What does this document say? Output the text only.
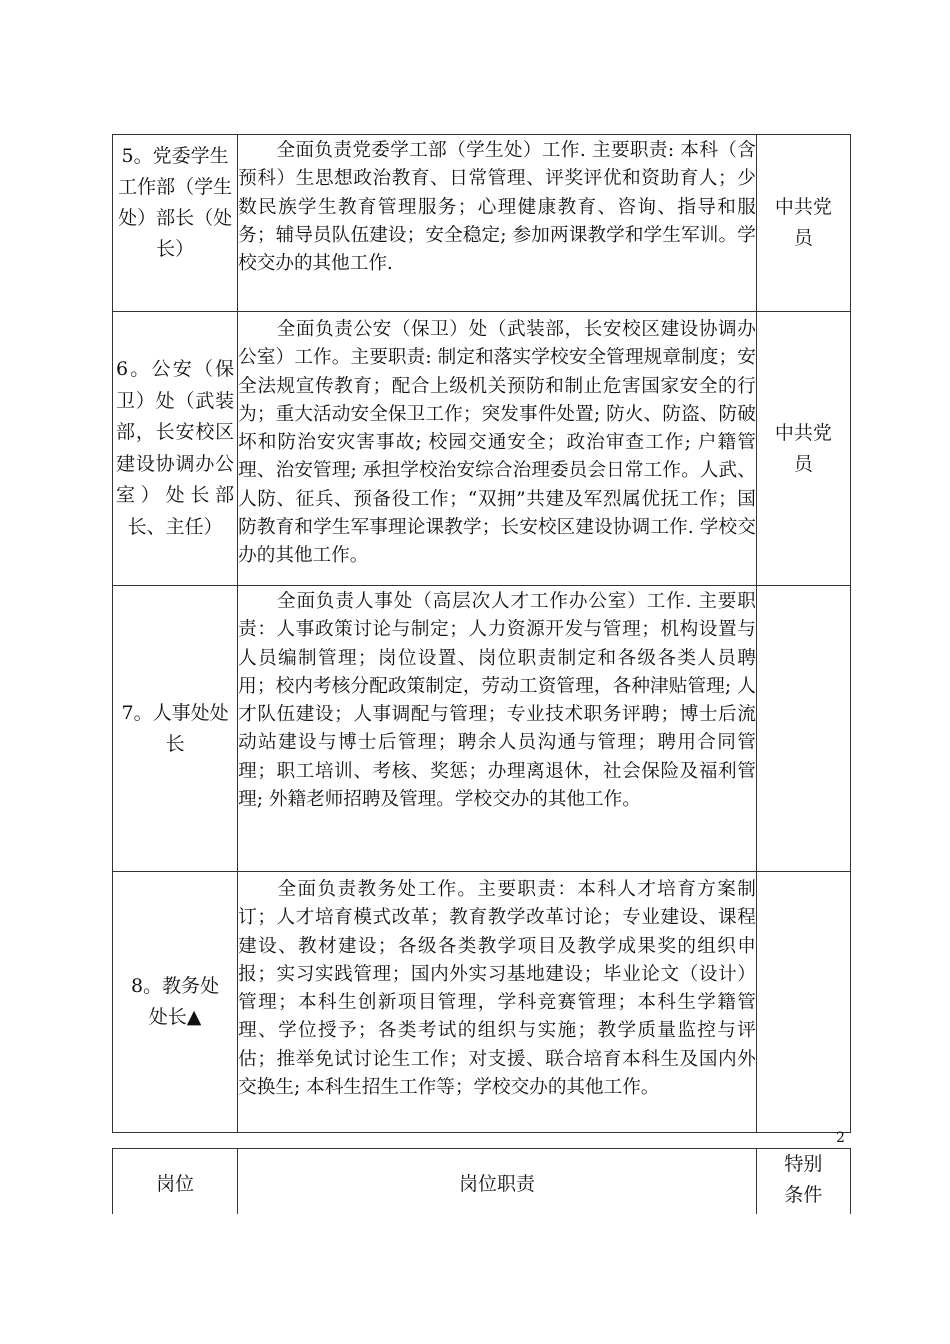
5。党委学生工作部（学生处）部长（处长）	全面负责党委学工部（学生处）工作. 主要职责: 本科（含预科）生思想政治教育、日常管理、评奖评优和资助育人；少数民族学生教育管理服务；心理健康教育、咨询、指导和服务；辅导员队伍建设；安全稳定; 参加两课教学和学生军训。学校交办的其他工作.	中共党员

6。公安（保卫）处（武装部，长安校区建设协调办公室）处长部长、主任）	全面负责公安（保卫）处（武装部，长安校区建设协调办公室）工作。主要职责: 制定和落实学校安全管理规章制度；安全法规宣传教育；配合上级机关预防和制止危害国家安全的行为；重大活动安全保卫工作；突发事件处置; 防火、防盗、防破坏和防治安灾害事故; 校园交通安全；政治审查工作; 户籍管理、治安管理; 承担学校治安综合治理委员会日常工作。人武、人防、征兵、预备役工作；“双拥”共建及军烈属优抚工作；国防教育和学生军事理论课教学；长安校区建设协调工作. 学校交办的其他工作。	中共党员

7。人事处处长	全面负责人事处（高层次人才工作办公室）工作. 主要职责：人事政策讨论与制定；人力资源开发与管理；机构设置与人员编制管理；岗位设置、岗位职责制定和各级各类人员聘用；校内考核分配政策制定，劳动工资管理，各种津贴管理; 人才队伍建设；人事调配与管理；专业技术职务评聘；博士后流动站建设与博士后管理；聘余人员沟通与管理；聘用合同管理；职工培训、考核、奖惩；办理离退休，社会保险及福利管理; 外籍老师招聘及管理。学校交办的其他工作。	

8。教务处处长▲	全面负责教务处工作。主要职责：本科人才培育方案制订；人才培育模式改革；教育教学改革讨论；专业建设、课程建设、教材建设；各级各类教学项目及教学成果奖的组织申报；实习实践管理；国内外实习基地建设；毕业论文（设计）管理；本科生创新项目管理，学科竞赛管理；本科生学籍管理、学位授予；各类考试的组织与实施；教学质量监控与评估；推举免试讨论生工作；对支援、联合培育本科生及国内外交换生; 本科生招生工作等；学校交办的其他工作。	

2
岗位	岗位职责	特别条件
